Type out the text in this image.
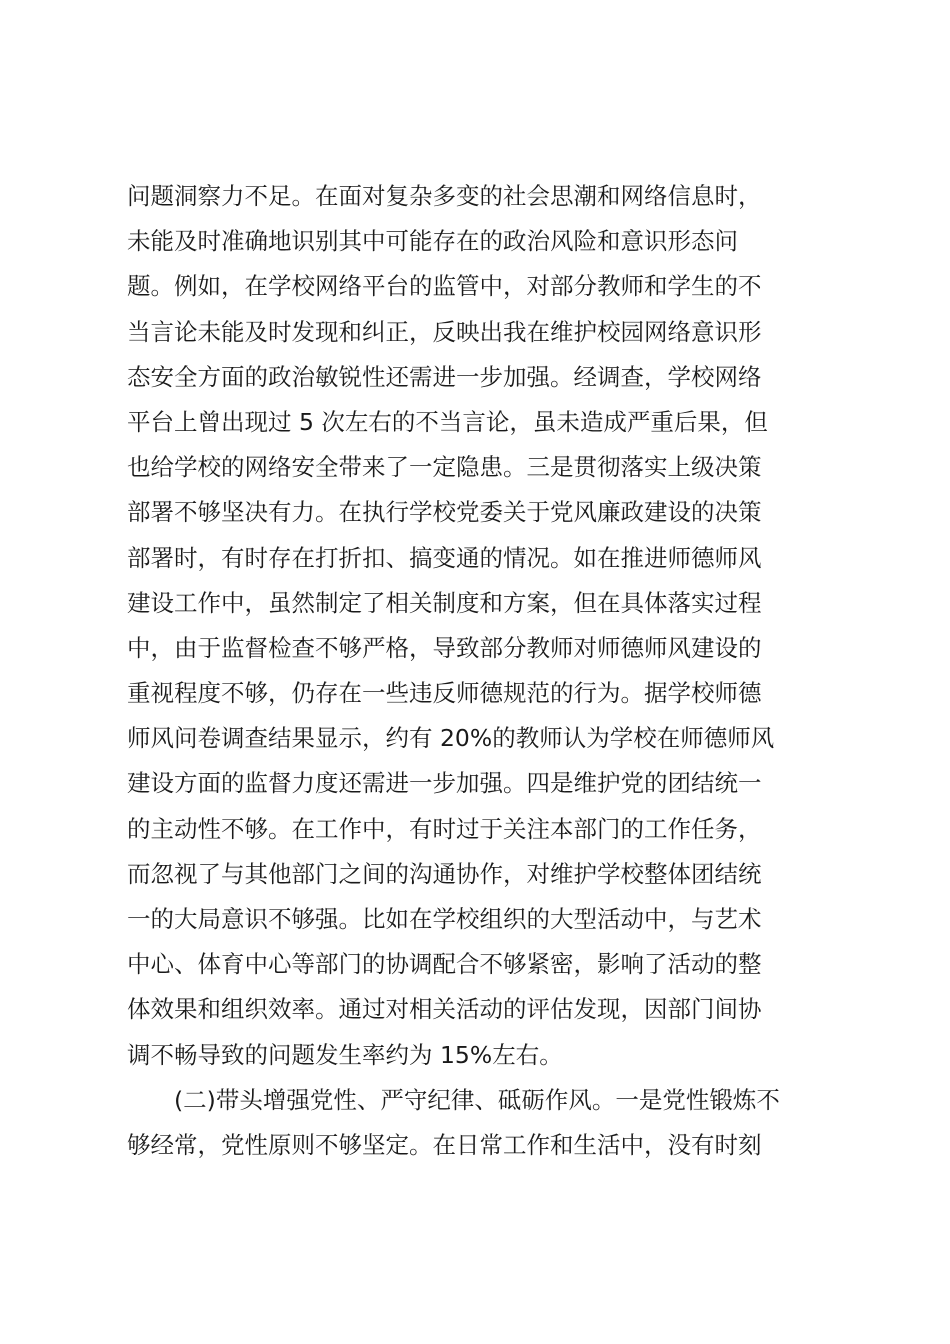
问题洞察力不足。在面对复杂多变的社会思潮和网络信息时，
未能及时准确地识别其中可能存在的政治风险和意识形态问
题。例如，在学校网络平台的监管中，对部分教师和学生的不
当言论未能及时发现和纠正，反映出我在维护校园网络意识形
态安全方面的政治敏锐性还需进一步加强。经调查，学校网络
平台上曾出现过 5 次左右的不当言论，虽未造成严重后果，但
也给学校的网络安全带来了一定隐患。三是贯彻落实上级决策
部署不够坚决有力。在执行学校党委关于党风廉政建设的决策
部署时，有时存在打折扣、搞变通的情况。如在推进师德师风
建设工作中，虽然制定了相关制度和方案，但在具体落实过程
中，由于监督检查不够严格，导致部分教师对师德师风建设的
重视程度不够，仍存在一些违反师德规范的行为。据学校师德
师风问卷调查结果显示，约有 20%的教师认为学校在师德师风
建设方面的监督力度还需进一步加强。四是维护党的团结统一
的主动性不够。在工作中，有时过于关注本部门的工作任务，
而忽视了与其他部门之间的沟通协作，对维护学校整体团结统
一的大局意识不够强。比如在学校组织的大型活动中，与艺术
中心、体育中心等部门的协调配合不够紧密，影响了活动的整
体效果和组织效率。通过对相关活动的评估发现，因部门间协
调不畅导致的问题发生率约为 15%左右。
(二)带头增强党性、严守纪律、砥砺作风。一是党性锻炼不
够经常，党性原则不够坚定。在日常工作和生活中，没有时刻
